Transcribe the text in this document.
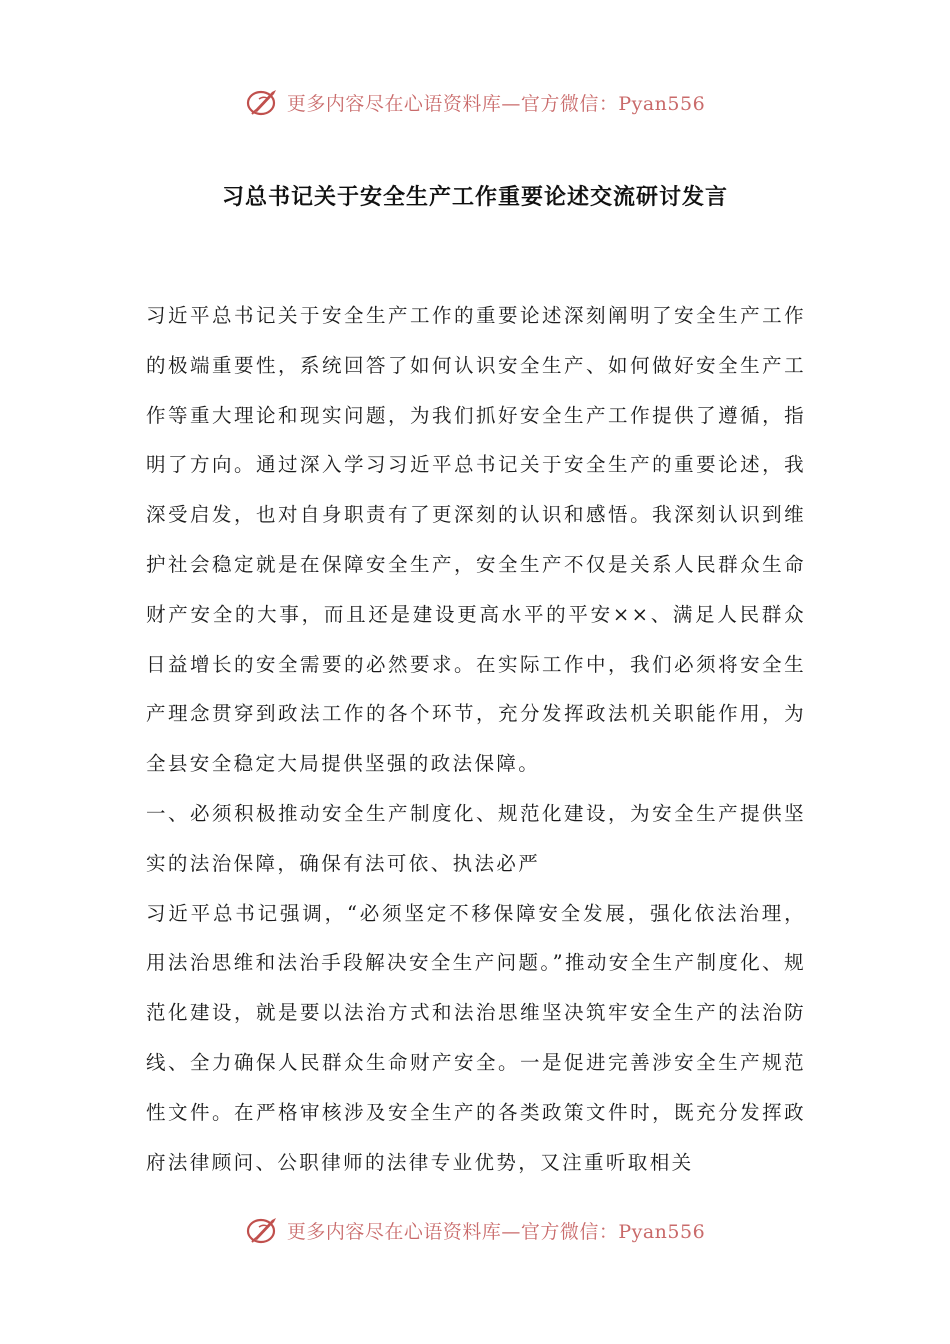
更多内容尽在心语资料库—官方微信：Pyan556
习总书记关于安全生产工作重要论述交流研讨发言

习近平总书记关于安全生产工作的重要论述深刻阐明了安全生产工作的极端重要性，系统回答了如何认识安全生产、如何做好安全生产工作等重大理论和现实问题，为我们抓好安全生产工作提供了遵循，指明了方向。通过深入学习习近平总书记关于安全生产的重要论述，我深受启发，也对自身职责有了更深刻的认识和感悟。我深刻认识到维护社会稳定就是在保障安全生产，安全生产不仅是关系人民群众生命财产安全的大事，而且还是建设更高水平的平安××、满足人民群众日益增长的安全需要的必然要求。在实际工作中，我们必须将安全生产理念贯穿到政法工作的各个环节，充分发挥政法机关职能作用，为全县安全稳定大局提供坚强的政法保障。

一、必须积极推动安全生产制度化、规范化建设，为安全生产提供坚实的法治保障，确保有法可依、执法必严

习近平总书记强调，“必须坚定不移保障安全发展，强化依法治理，用法治思维和法治手段解决安全生产问题。”推动安全生产制度化、规范化建设，就是要以法治方式和法治思维坚决筑牢安全生产的法治防线、全力确保人民群众生命财产安全。一是促进完善涉安全生产规范性文件。在严格审核涉及安全生产的各类政策文件时，既充分发挥政府法律顾问、公职律师的法律专业优势，又注重听取相关

更多内容尽在心语资料库—官方微信：Pyan556
